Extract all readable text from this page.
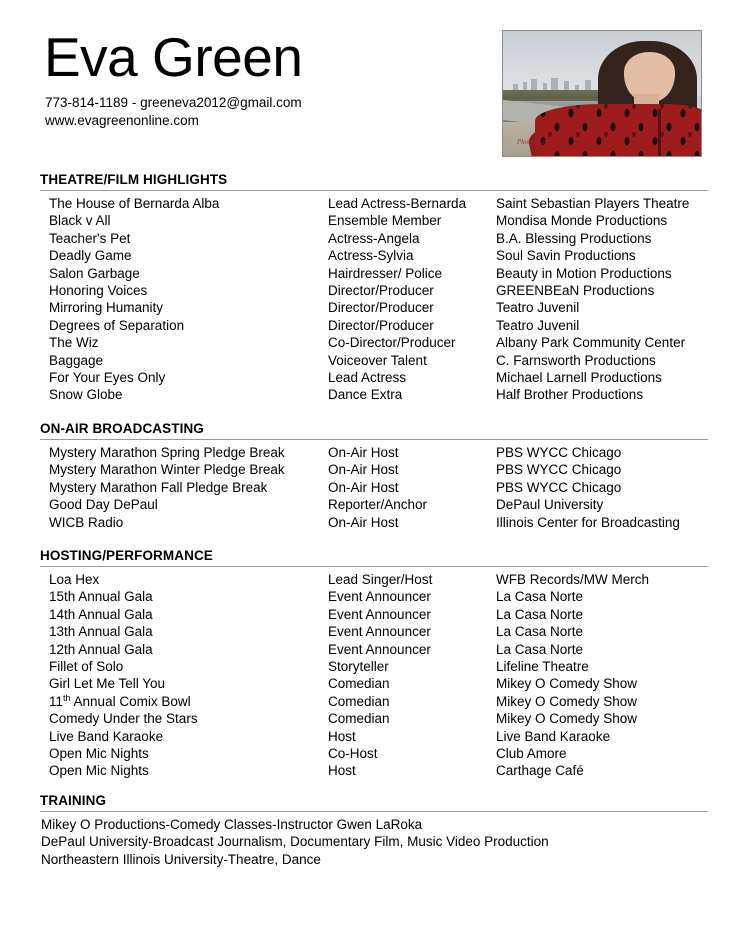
Eva Green
773-814-1189 - greeneva2012@gmail.com
www.evagreenonline.com
Photography
THEATRE/FILM HIGHLIGHTS
The House of Bernarda Alba	Lead Actress-Bernarda	Saint Sebastian Players Theatre
Black v All	Ensemble Member	Mondisa Monde Productions
Teacher's Pet	Actress-Angela	B.A. Blessing Productions
Deadly Game	Actress-Sylvia	Soul Savin Productions
Salon Garbage	Hairdresser/ Police	Beauty in Motion Productions
Honoring Voices	Director/Producer	GREENBEaN Productions
Mirroring Humanity	Director/Producer	Teatro Juvenil
Degrees of Separation	Director/Producer	Teatro Juvenil
The Wiz	Co-Director/Producer	Albany Park Community Center
Baggage	Voiceover Talent	C. Farnsworth Productions
For Your Eyes Only	Lead Actress	Michael Larnell Productions
Snow Globe	Dance Extra	Half Brother Productions
ON-AIR BROADCASTING
Mystery Marathon Spring Pledge Break	On-Air Host	PBS WYCC Chicago
Mystery Marathon Winter Pledge Break	On-Air Host	PBS WYCC Chicago
Mystery Marathon Fall Pledge Break	On-Air Host	PBS WYCC Chicago
Good Day DePaul	Reporter/Anchor	DePaul University
WICB Radio	On-Air Host	Illinois Center for Broadcasting
HOSTING/PERFORMANCE
Loa Hex	Lead Singer/Host	WFB Records/MW Merch
15th Annual Gala	Event Announcer	La Casa Norte
14th Annual Gala	Event Announcer	La Casa Norte
13th Annual Gala	Event Announcer	La Casa Norte
12th Annual Gala	Event Announcer	La Casa Norte
Fillet of Solo	Storyteller	Lifeline Theatre
Girl Let Me Tell You	Comedian	Mikey O Comedy Show
11th Annual Comix Bowl	Comedian	Mikey O Comedy Show
Comedy Under the Stars	Comedian	Mikey O Comedy Show
Live Band Karaoke	Host	Live Band Karaoke
Open Mic Nights	Co-Host	Club Amore
Open Mic Nights	Host	Carthage Café
TRAINING
Mikey O Productions-Comedy Classes-Instructor Gwen LaRoka
DePaul University-Broadcast Journalism, Documentary Film, Music Video Production
Northeastern Illinois University-Theatre, Dance
